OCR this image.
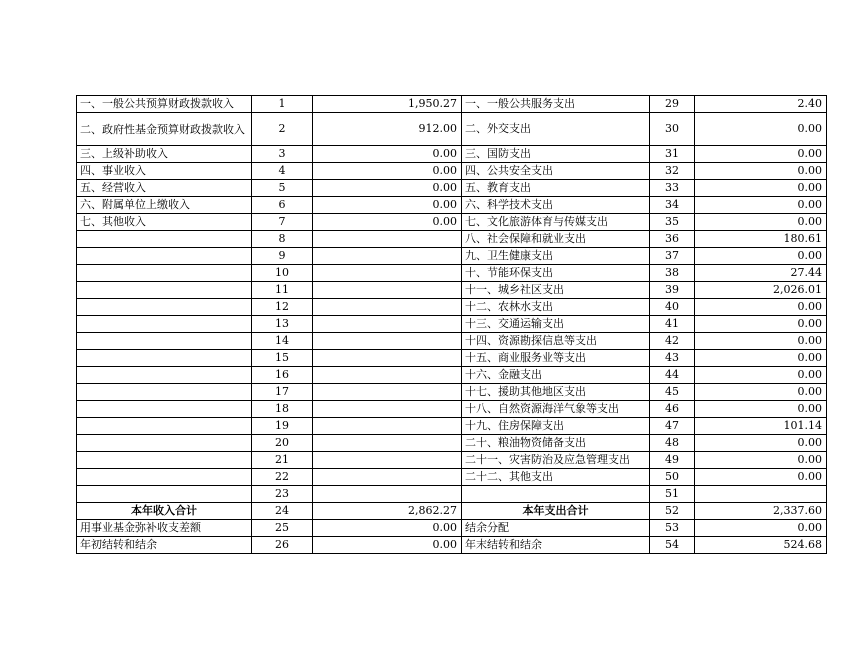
一、一般公共预算财政拨款收入	1	1,950.27	一、一般公共服务支出	29	2.40
二、政府性基金预算财政拨款收入	2	912.00	二、外交支出	30	0.00
三、上级补助收入	3	0.00	三、国防支出	31	0.00
四、事业收入	4	0.00	四、公共安全支出	32	0.00
五、经营收入	5	0.00	五、教育支出	33	0.00
六、附属单位上缴收入	6	0.00	六、科学技术支出	34	0.00
七、其他收入	7	0.00	七、文化旅游体育与传媒支出	35	0.00
	8		八、社会保障和就业支出	36	180.61
	9		九、卫生健康支出	37	0.00
	10		十、节能环保支出	38	27.44
	11		十一、城乡社区支出	39	2,026.01
	12		十二、农林水支出	40	0.00
	13		十三、交通运输支出	41	0.00
	14		十四、资源勘探信息等支出	42	0.00
	15		十五、商业服务业等支出	43	0.00
	16		十六、金融支出	44	0.00
	17		十七、援助其他地区支出	45	0.00
	18		十八、自然资源海洋气象等支出	46	0.00
	19		十九、住房保障支出	47	101.14
	20		二十、粮油物资储备支出	48	0.00
	21		二十一、灾害防治及应急管理支出	49	0.00
	22		二十二、其他支出	50	0.00
	23			51	
本年收入合计	24	2,862.27	本年支出合计	52	2,337.60
用事业基金弥补收支差额	25	0.00	结余分配	53	0.00
年初结转和结余	26	0.00	年末结转和结余	54	524.68
